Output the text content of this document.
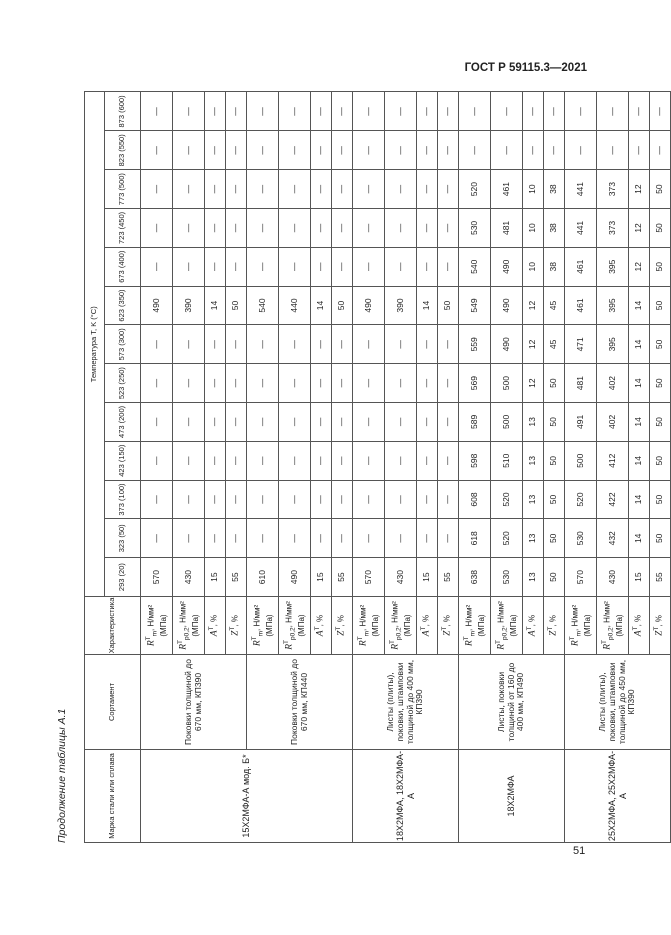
ГОСТ Р 59115.3—2021
Продолжение таблицы А.1	Марка стали или сплава	Сортамент	Характеристика	Температура T, K (°С)												
			293 (20)	323 (50)	373 (100)	423 (150)	473 (200)	523 (250)	573 (300)	623 (350)	673 (400)	723 (450)	773 (500)	823 (550)	873 (600)
15Х2МФА-А мод. Б*	Поковки толщиной до 670 мм, КП390	$R^T_m$, Н/мм² (МПа)	570	—	—	—	—	—	—	490	—	—	—	—	—
		$R^T_{p0,2}$, Н/мм² (МПа)	430	—	—	—	—	—	—	390	—	—	—	—	—
		$A^T$, %	15	—	—	—	—	—	—	14	—	—	—	—	—
		$Z^T$, %	55	—	—	—	—	—	—	50	—	—	—	—	—
	Поковки толщиной до 670 мм, КП440	$R^T_m$, Н/мм² (МПа)	610	—	—	—	—	—	—	540	—	—	—	—	—
		$R^T_{p0,2}$, Н/мм² (МПа)	490	—	—	—	—	—	—	440	—	—	—	—	—
		$A^T$, %	15	—	—	—	—	—	—	14	—	—	—	—	—
		$Z^T$, %	55	—	—	—	—	—	—	50	—	—	—	—	—
18Х2МФА, 18Х2МФА-А	Листы (плиты), поковки, штамповки толщиной до 400 мм, КП390	$R^T_m$, Н/мм² (МПа)	570	—	—	—	—	—	—	490	—	—	—	—	—
		$R^T_{p0,2}$, Н/мм² (МПа)	430	—	—	—	—	—	—	390	—	—	—	—	—
		$A^T$, %	15	—	—	—	—	—	—	14	—	—	—	—	—
		$Z^T$, %	55	—	—	—	—	—	—	50	—	—	—	—	—
18Х2МФА	Листы, поковки толщиной от 160 до 400 мм, КП490	$R^T_m$, Н/мм² (МПа)	638	618	608	598	589	569	559	549	540	530	520	—	—
		$R^T_{p0,2}$, Н/мм² (МПа)	530	520	520	510	500	500	490	490	490	481	461	—	—
		$A^T$, %	13	13	13	13	13	12	12	12	10	10	10	—	—
		$Z^T$, %	50	50	50	50	50	50	45	45	38	38	38	—	—
25Х2МФА, 25Х2МФА-А	Листы (плиты), поковки, штамповки толщиной до 450 мм, КП390	$R^T_m$, Н/мм² (МПа)	570	530	520	500	491	481	471	461	461	441	441	—	—
		$R^T_{p0,2}$, Н/мм² (МПа)	430	432	422	412	402	402	395	395	395	373	373	—	—
		$A^T$, %	15	14	14	14	14	14	14	14	12	12	12	—	—
		$Z^T$, %	55	50	50	50	50	50	50	50	50	50	50	—	—
51
